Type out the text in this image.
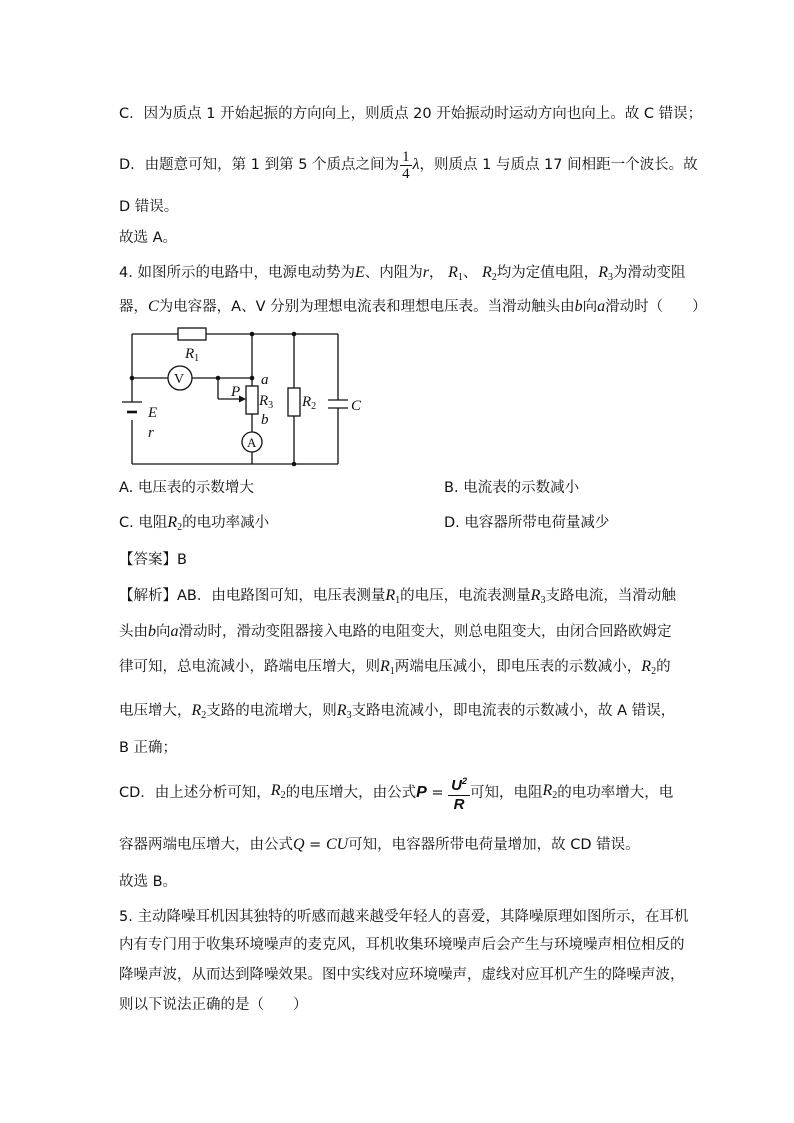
C．因为质点 1 开始起振的方向向上，则质点 20 开始振动时运动方向也向上。故 C 错误；
D．由题意可知，第 1 到第 5 个质点之间为 $\frac{1}{4}$ λ ，则质点 1 与质点 17 间相距一个波长。故
D 错误。
故选 A。
4. 如图所示的电路中，电源电动势为E、内阻为r， $R_1$、 $R_2$均为定值电阻，$R_3$为滑动变阻
器，C为电容器，A、V 分别为理想电流表和理想电压表。当滑动触头由b向a滑动时（　　）
$R_1$
V
A
P
a
b
$R_3$ $R_2$ C
E
r
A. 电压表的示数增大	B. 电流表的示数减小
C. 电阻$R_2$的电功率减小	D. 电容器所带电荷量减少
【答案】B
【解析】AB．由电路图可知，电压表测量$R_1$的电压，电流表测量$R_3$支路电流，当滑动触
头由b向a滑动时，滑动变阻器接入电路的电阻变大，则总电阻变大，由闭合回路欧姆定
律可知，总电流减小，路端电压增大，则$R_1$两端电压减小，即电压表的示数减小，$R_2$的
电压增大，$R_2$支路的电流增大，则$R_3$支路电流减小，即电流表的示数减小，故 A 错误，
B 正确；
CD．由上述分析可知， $R_2$ 的电压增大，由公式 $P = \frac{U^2}{R}$ 可知，电阻 $R_2$ 的电功率增大，电
容器两端电压增大，由公式Q = CU可知，电容器所带电荷量增加，故 CD 错误。
故选 B。
5. 主动降噪耳机因其独特的听感而越来越受年轻人的喜爱，其降噪原理如图所示，在耳机
内有专门用于收集环境噪声的麦克风，耳机收集环境噪声后会产生与环境噪声相位相反的
降噪声波，从而达到降噪效果。图中实线对应环境噪声，虚线对应耳机产生的降噪声波，
则以下说法正确的是（　　）
